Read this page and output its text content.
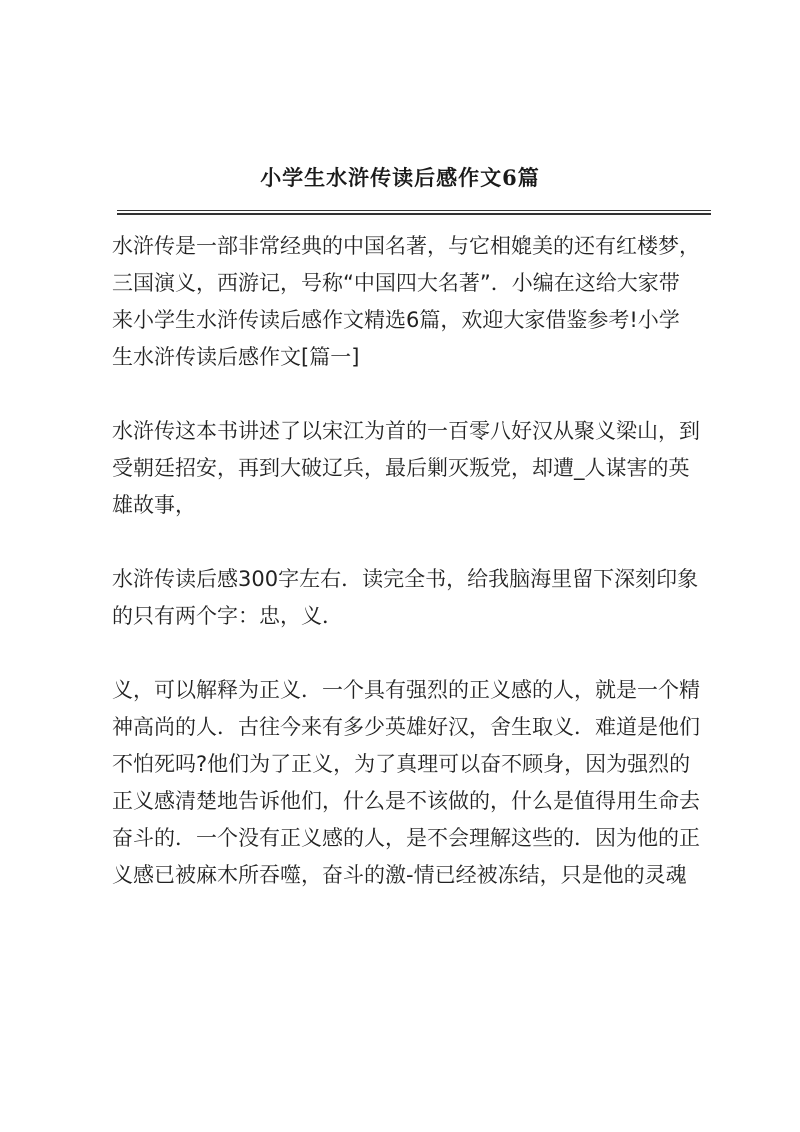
小学生水浒传读后感作文6篇

水浒传是一部非常经典的中国名著，与它相媲美的还有红楼梦，
三国演义，西游记，号称“中国四大名著”．小编在这给大家带
来小学生水浒传读后感作文精选6篇，欢迎大家借鉴参考!小学
生水浒传读后感作文[篇一]

水浒传这本书讲述了以宋江为首的一百零八好汉从聚义梁山，到
受朝廷招安，再到大破辽兵，最后剿灭叛党，却遭_人谋害的英
雄故事，

水浒传读后感300字左右．读完全书，给我脑海里留下深刻印象
的只有两个字：忠，义．

义，可以解释为正义．一个具有强烈的正义感的人，就是一个精
神高尚的人．古往今来有多少英雄好汉，舍生取义．难道是他们
不怕死吗?他们为了正义，为了真理可以奋不顾身，因为强烈的
正义感清楚地告诉他们，什么是不该做的，什么是值得用生命去
奋斗的．一个没有正义感的人，是不会理解这些的．因为他的正
义感已被麻木所吞噬，奋斗的激-情已经被冻结，只是他的灵魂
